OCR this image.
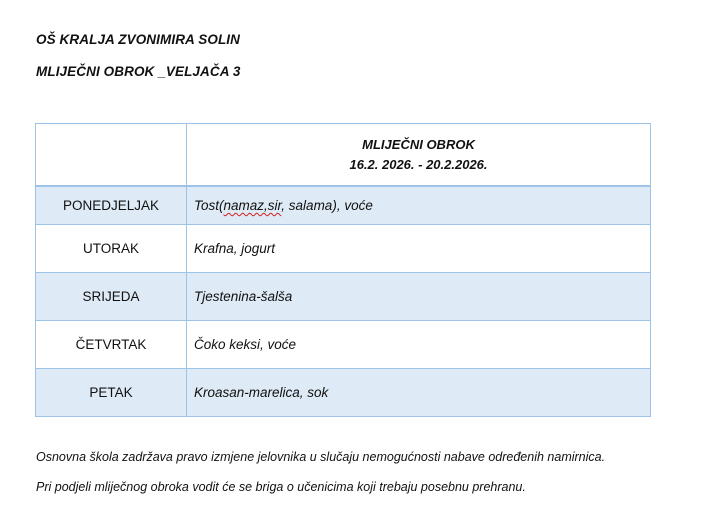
OŠ KRALJA ZVONIMIRA SOLIN
MLIJEČNI OBROK _VELJAČA 3

	MLIJEČNI OBROK
16.2. 2026. - 20.2.2026.

PONEDJELJAK	Tost(namaz,sir, salama), voće
UTORAK	Krafna, jogurt
SRIJEDA	Tjestenina-šalša
ČETVRTAK	Čoko keksi, voće
PETAK	Kroasan-marelica, sok
Osnovna škola zadržava pravo izmjene jelovnika u slučaju nemogućnosti nabave određenih namirnica.
Pri podjeli mliječnog obroka vodit će se briga o učenicima koji trebaju posebnu prehranu.
